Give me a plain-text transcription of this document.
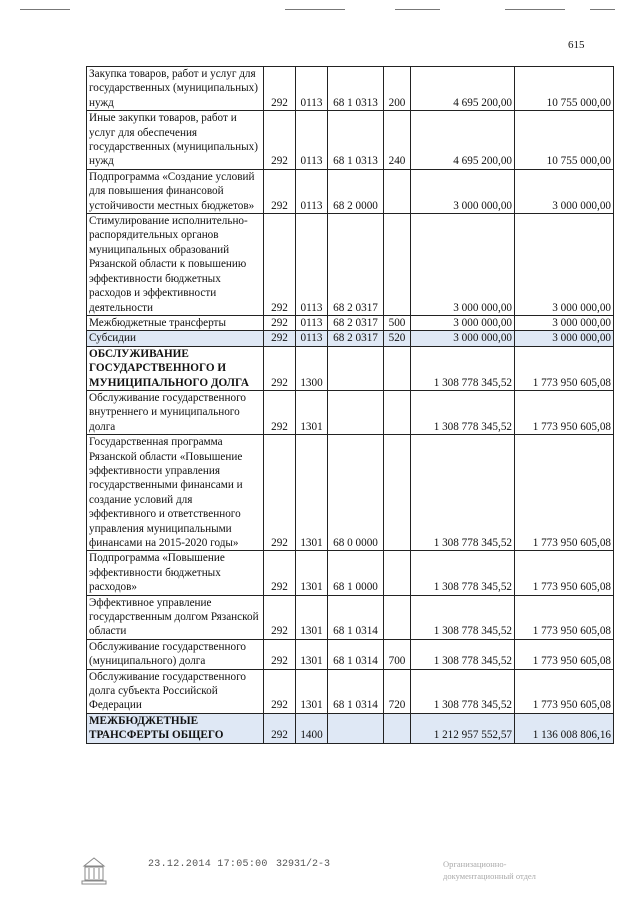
615
Закупка товаров, работ и услуг для государственных (муниципальных) нужд	292	0113	68 1 0313	200	4 695 200,00	10 755 000,00
Иные закупки товаров, работ и услуг для обеспечения государственных (муниципальных) нужд	292	0113	68 1 0313	240	4 695 200,00	10 755 000,00
Подпрограмма «Создание условий для повышения финансовой устойчивости местных бюджетов»	292	0113	68 2 0000		3 000 000,00	3 000 000,00
Стимулирование исполнительно-распорядительных органов муниципальных образований Рязанской области к повышению эффективности бюджетных расходов и эффективности деятельности	292	0113	68 2 0317		3 000 000,00	3 000 000,00
Межбюджетные трансферты	292	0113	68 2 0317	500	3 000 000,00	3 000 000,00
Субсидии	292	0113	68 2 0317	520	3 000 000,00	3 000 000,00
ОБСЛУЖИВАНИЕ ГОСУДАРСТВЕННОГО И МУНИЦИПАЛЬНОГО ДОЛГА	292	1300			1 308 778 345,52	1 773 950 605,08
Обслуживание государственного внутреннего и муниципального долга	292	1301			1 308 778 345,52	1 773 950 605,08
Государственная программа Рязанской области «Повышение эффективности управления государственными финансами и создание условий для эффективного и ответственного управления муниципальными финансами на 2015-2020 годы»	292	1301	68 0 0000		1 308 778 345,52	1 773 950 605,08
Подпрограмма «Повышение эффективности бюджетных расходов»	292	1301	68 1 0000		1 308 778 345,52	1 773 950 605,08
Эффективное управление государственным долгом Рязанской области	292	1301	68 1 0314		1 308 778 345,52	1 773 950 605,08
Обслуживание государственного (муниципального) долга	292	1301	68 1 0314	700	1 308 778 345,52	1 773 950 605,08
Обслуживание государственного долга субъекта Российской Федерации	292	1301	68 1 0314	720	1 308 778 345,52	1 773 950 605,08
МЕЖБЮДЖЕТНЫЕ ТРАНСФЕРТЫ ОБЩЕГО	292	1400			1 212 957 552,57	1 136 008 806,16
23.12.2014 17:05:00 32931/2-3	Организационно-
документационный отдел
